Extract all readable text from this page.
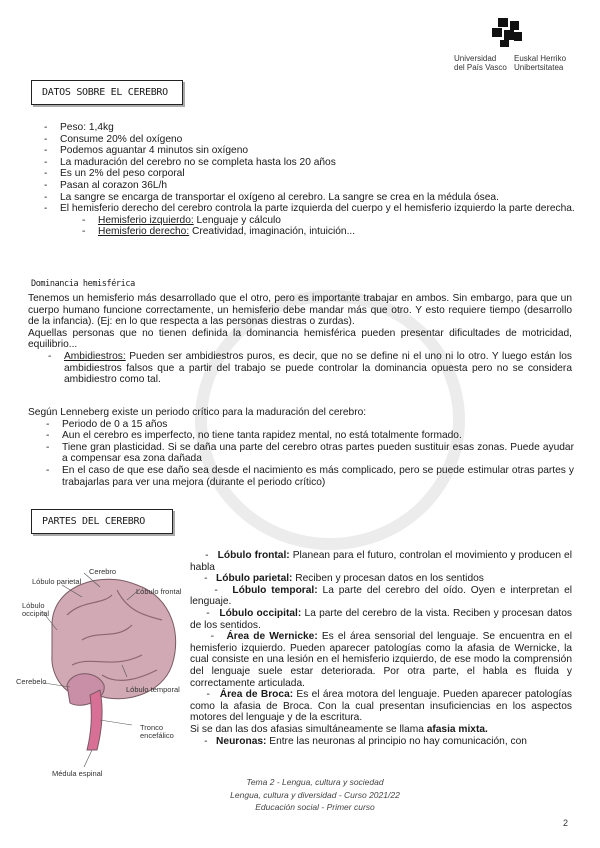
Universidad
del País Vasco
Euskal Herriko
Unibertsitatea
DATOS SOBRE EL CEREBRO
- Peso: 1,4kg
- Consume 20% del oxígeno
- Podemos aguantar 4 minutos sin oxígeno
- La maduración del cerebro no se completa hasta los 20 años
- Es un 2% del peso corporal
- Pasan al corazon 36L/h
- La sangre se encarga de transportar el oxígeno al cerebro. La sangre se crea en la médula ósea.
- El hemisferio derecho del cerebro controla la parte izquierda del cuerpo y el hemisferio izquierdo la parte derecha.
- Hemisferio izquierdo: Lenguaje y cálculo
- Hemisferio derecho: Creatividad, imaginación, intuición...
Dominancia hemisférica
Tenemos un hemisferio más desarrollado que el otro, pero es importante trabajar en ambos. Sin embargo, para que un cuerpo humano funcione correctamente, un hemisferio debe mandar más que otro. Y esto requiere tiempo (desarrollo de la infancia). (Ej: en lo que respecta a las personas diestras o zurdas).
Aquellas personas que no tienen definida la dominancia hemisférica pueden presentar dificultades de motricidad, equilibrio...
- Ambidiestros: Pueden ser ambidiestros puros, es decir, que no se define ni el uno ni lo otro. Y luego están los ambidiestros falsos que a partir del trabajo se puede controlar la dominancia opuesta pero no se considera ambidiestro como tal.
Según Lenneberg existe un periodo crítico para la maduración del cerebro:
- Periodo de 0 a 15 años
- Aun el cerebro es imperfecto, no tiene tanta rapidez mental, no está totalmente formado.
- Tiene gran plasticidad. Si se daña una parte del cerebro otras partes pueden sustituir esas zonas. Puede ayudar a compensar esa zona dañada
- En el caso de que ese daño sea desde el nacimiento es más complicado, pero se puede estimular otras partes y trabajarlas para ver una mejora (durante el periodo crítico)
PARTES DEL CEREBRO
Cerebro
Lóbulo parietal
Lóbulo frontal
Lóbulo
occipital
Lóbulo temporal
Cerebelo
Tronco
encefálico
Médula espinal

-   Lóbulo frontal: Planean para el futuro, controlan el movimiento y producen el habla

-   Lóbulo parietal: Reciben y procesan datos en los sentidos

-   Lóbulo temporal: La parte del cerebro del oído. Oyen e interpretan el lenguaje.

-   Lóbulo occipital: La parte del cerebro de la vista. Reciben y procesan datos de los sentidos.

-   Área de Wernicke: Es el área sensorial del lenguaje. Se encuentra en el hemisferio izquierdo. Pueden aparecer patologías como la afasia de Wernicke, la cual consiste en una lesión en el hemisferio izquierdo, de ese modo la comprensión del lenguaje suele estar deteriorada. Por otra parte, el habla es fluida y correctamente articulada.

-   Área de Broca: Es el área motora del lenguaje. Pueden aparecer patologías como la afasia de Broca. Con la cual presentan insuficiencias en los aspectos motores del lenguaje y de la escritura.

Si se dan las dos afasias simultáneamente se llama afasia mixta.

-   Neuronas: Entre las neuronas al principio no hay comunicación, con

Tema 2 - Lengua, cultura y sociedad
Lengua, cultura y diversidad - Curso 2021/22
Educación social - Primer curso
2
